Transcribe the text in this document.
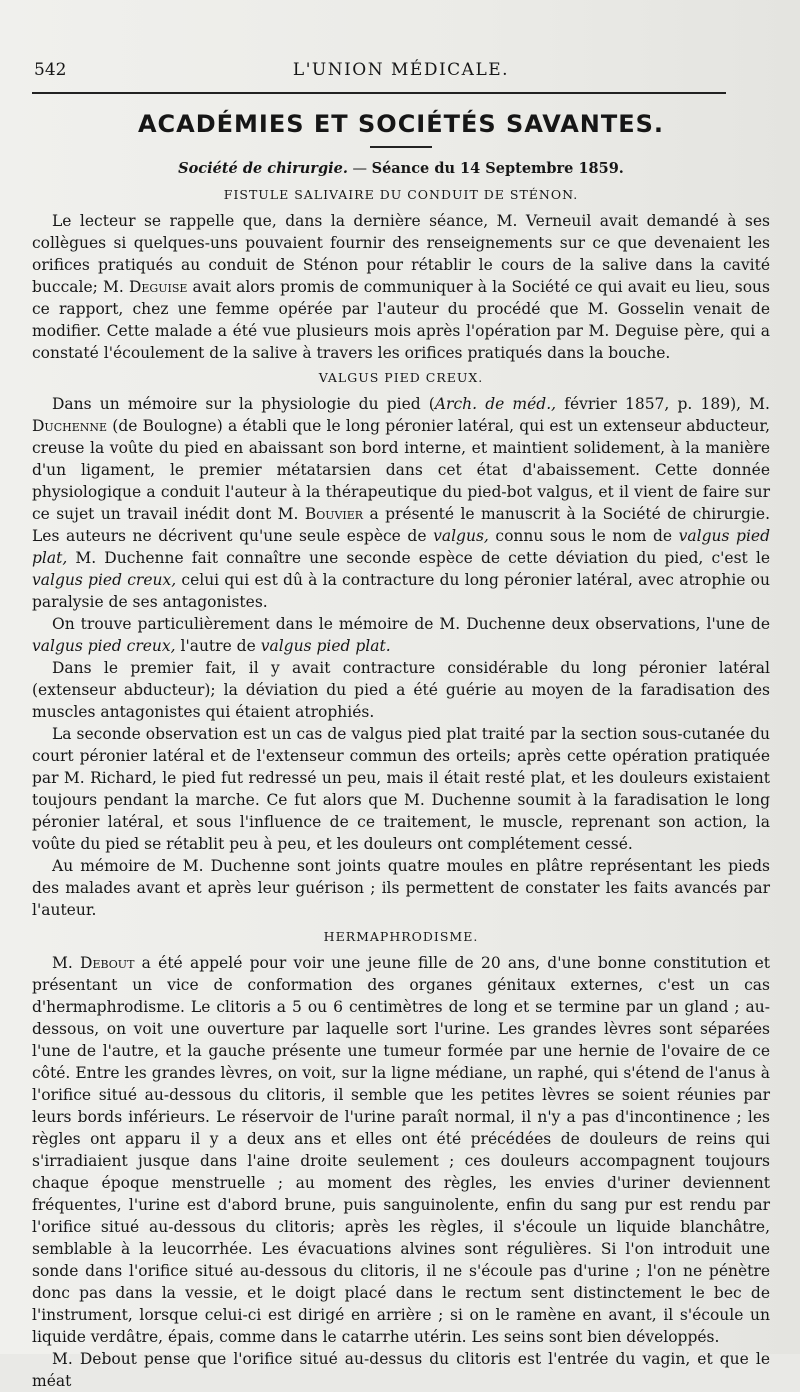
542	L'UNION MÉDICALE.
ACADÉMIES ET SOCIÉTÉS SAVANTES.
Société de chirurgie. — Séance du 14 Septembre 1859.
FISTULE SALIVAIRE DU CONDUIT DE STÉNON.

Le lecteur se rappelle que, dans la dernière séance, M. Verneuil avait demandé à ses collègues si quelques-uns pouvaient fournir des renseignements sur ce que devenaient les orifices pratiqués au conduit de Sténon pour rétablir le cours de la salive dans la cavité buccale; M. Deguise avait alors promis de communiquer à la Société ce qui avait eu lieu, sous ce rapport, chez une femme opérée par l'auteur du procédé que M. Gosselin venait de modifier. Cette malade a été vue plusieurs mois après l'opération par M. Deguise père, qui a constaté l'écoulement de la salive à travers les orifices pratiqués dans la bouche.

VALGUS PIED CREUX.

Dans un mémoire sur la physiologie du pied (Arch. de méd., février 1857, p. 189), M. Duchenne (de Boulogne) a établi que le long péronier latéral, qui est un extenseur abducteur, creuse la voûte du pied en abaissant son bord interne, et maintient solidement, à la manière d'un ligament, le premier métatarsien dans cet état d'abaissement. Cette donnée physiologique a conduit l'auteur à la thérapeutique du pied-bot valgus, et il vient de faire sur ce sujet un travail inédit dont M. Bouvier a présenté le manuscrit à la Société de chirurgie. Les auteurs ne décrivent qu'une seule espèce de valgus, connu sous le nom de valgus pied plat, M. Duchenne fait connaître une seconde espèce de cette déviation du pied, c'est le valgus pied creux, celui qui est dû à la contracture du long péronier latéral, avec atrophie ou paralysie de ses antagonistes.

On trouve particulièrement dans le mémoire de M. Duchenne deux observations, l'une de valgus pied creux, l'autre de valgus pied plat.

Dans le premier fait, il y avait contracture considérable du long péronier latéral (extenseur abducteur); la déviation du pied a été guérie au moyen de la faradisation des muscles antagonistes qui étaient atrophiés.

La seconde observation est un cas de valgus pied plat traité par la section sous-cutanée du court péronier latéral et de l'extenseur commun des orteils; après cette opération pratiquée par M. Richard, le pied fut redressé un peu, mais il était resté plat, et les douleurs existaient toujours pendant la marche. Ce fut alors que M. Duchenne soumit à la faradisation le long péronier latéral, et sous l'influence de ce traitement, le muscle, reprenant son action, la voûte du pied se rétablit peu à peu, et les douleurs ont complétement cessé.

Au mémoire de M. Duchenne sont joints quatre moules en plâtre représentant les pieds des malades avant et après leur guérison ; ils permettent de constater les faits avancés par l'auteur.

HERMAPHRODISME.

M. Debout a été appelé pour voir une jeune fille de 20 ans, d'une bonne constitution et présentant un vice de conformation des organes génitaux externes, c'est un cas d'hermaphrodisme. Le clitoris a 5 ou 6 centimètres de long et se termine par un gland ; au-dessous, on voit une ouverture par laquelle sort l'urine. Les grandes lèvres sont séparées l'une de l'autre, et la gauche présente une tumeur formée par une hernie de l'ovaire de ce côté. Entre les grandes lèvres, on voit, sur la ligne médiane, un raphé, qui s'étend de l'anus à l'orifice situé au-dessous du clitoris, il semble que les petites lèvres se soient réunies par leurs bords inférieurs. Le réservoir de l'urine paraît normal, il n'y a pas d'incontinence ; les règles ont apparu il y a deux ans et elles ont été précédées de douleurs de reins qui s'irradiaient jusque dans l'aine droite seulement ; ces douleurs accompagnent toujours chaque époque menstruelle ; au moment des règles, les envies d'uriner deviennent fréquentes, l'urine est d'abord brune, puis sanguinolente, enfin du sang pur est rendu par l'orifice situé au-dessous du clitoris; après les règles, il s'écoule un liquide blanchâtre, semblable à la leucorrhée. Les évacuations alvines sont régulières. Si l'on introduit une sonde dans l'orifice situé au-dessous du clitoris, il ne s'écoule pas d'urine ; l'on ne pénètre donc pas dans la vessie, et le doigt placé dans le rectum sent distinctement le bec de l'instrument, lorsque celui-ci est dirigé en arrière ; si on le ramène en avant, il s'écoule un liquide verdâtre, épais, comme dans le catarrhe utérin. Les seins sont bien développés.

M. Debout pense que l'orifice situé au-dessus du clitoris est l'entrée du vagin, et que le méat
